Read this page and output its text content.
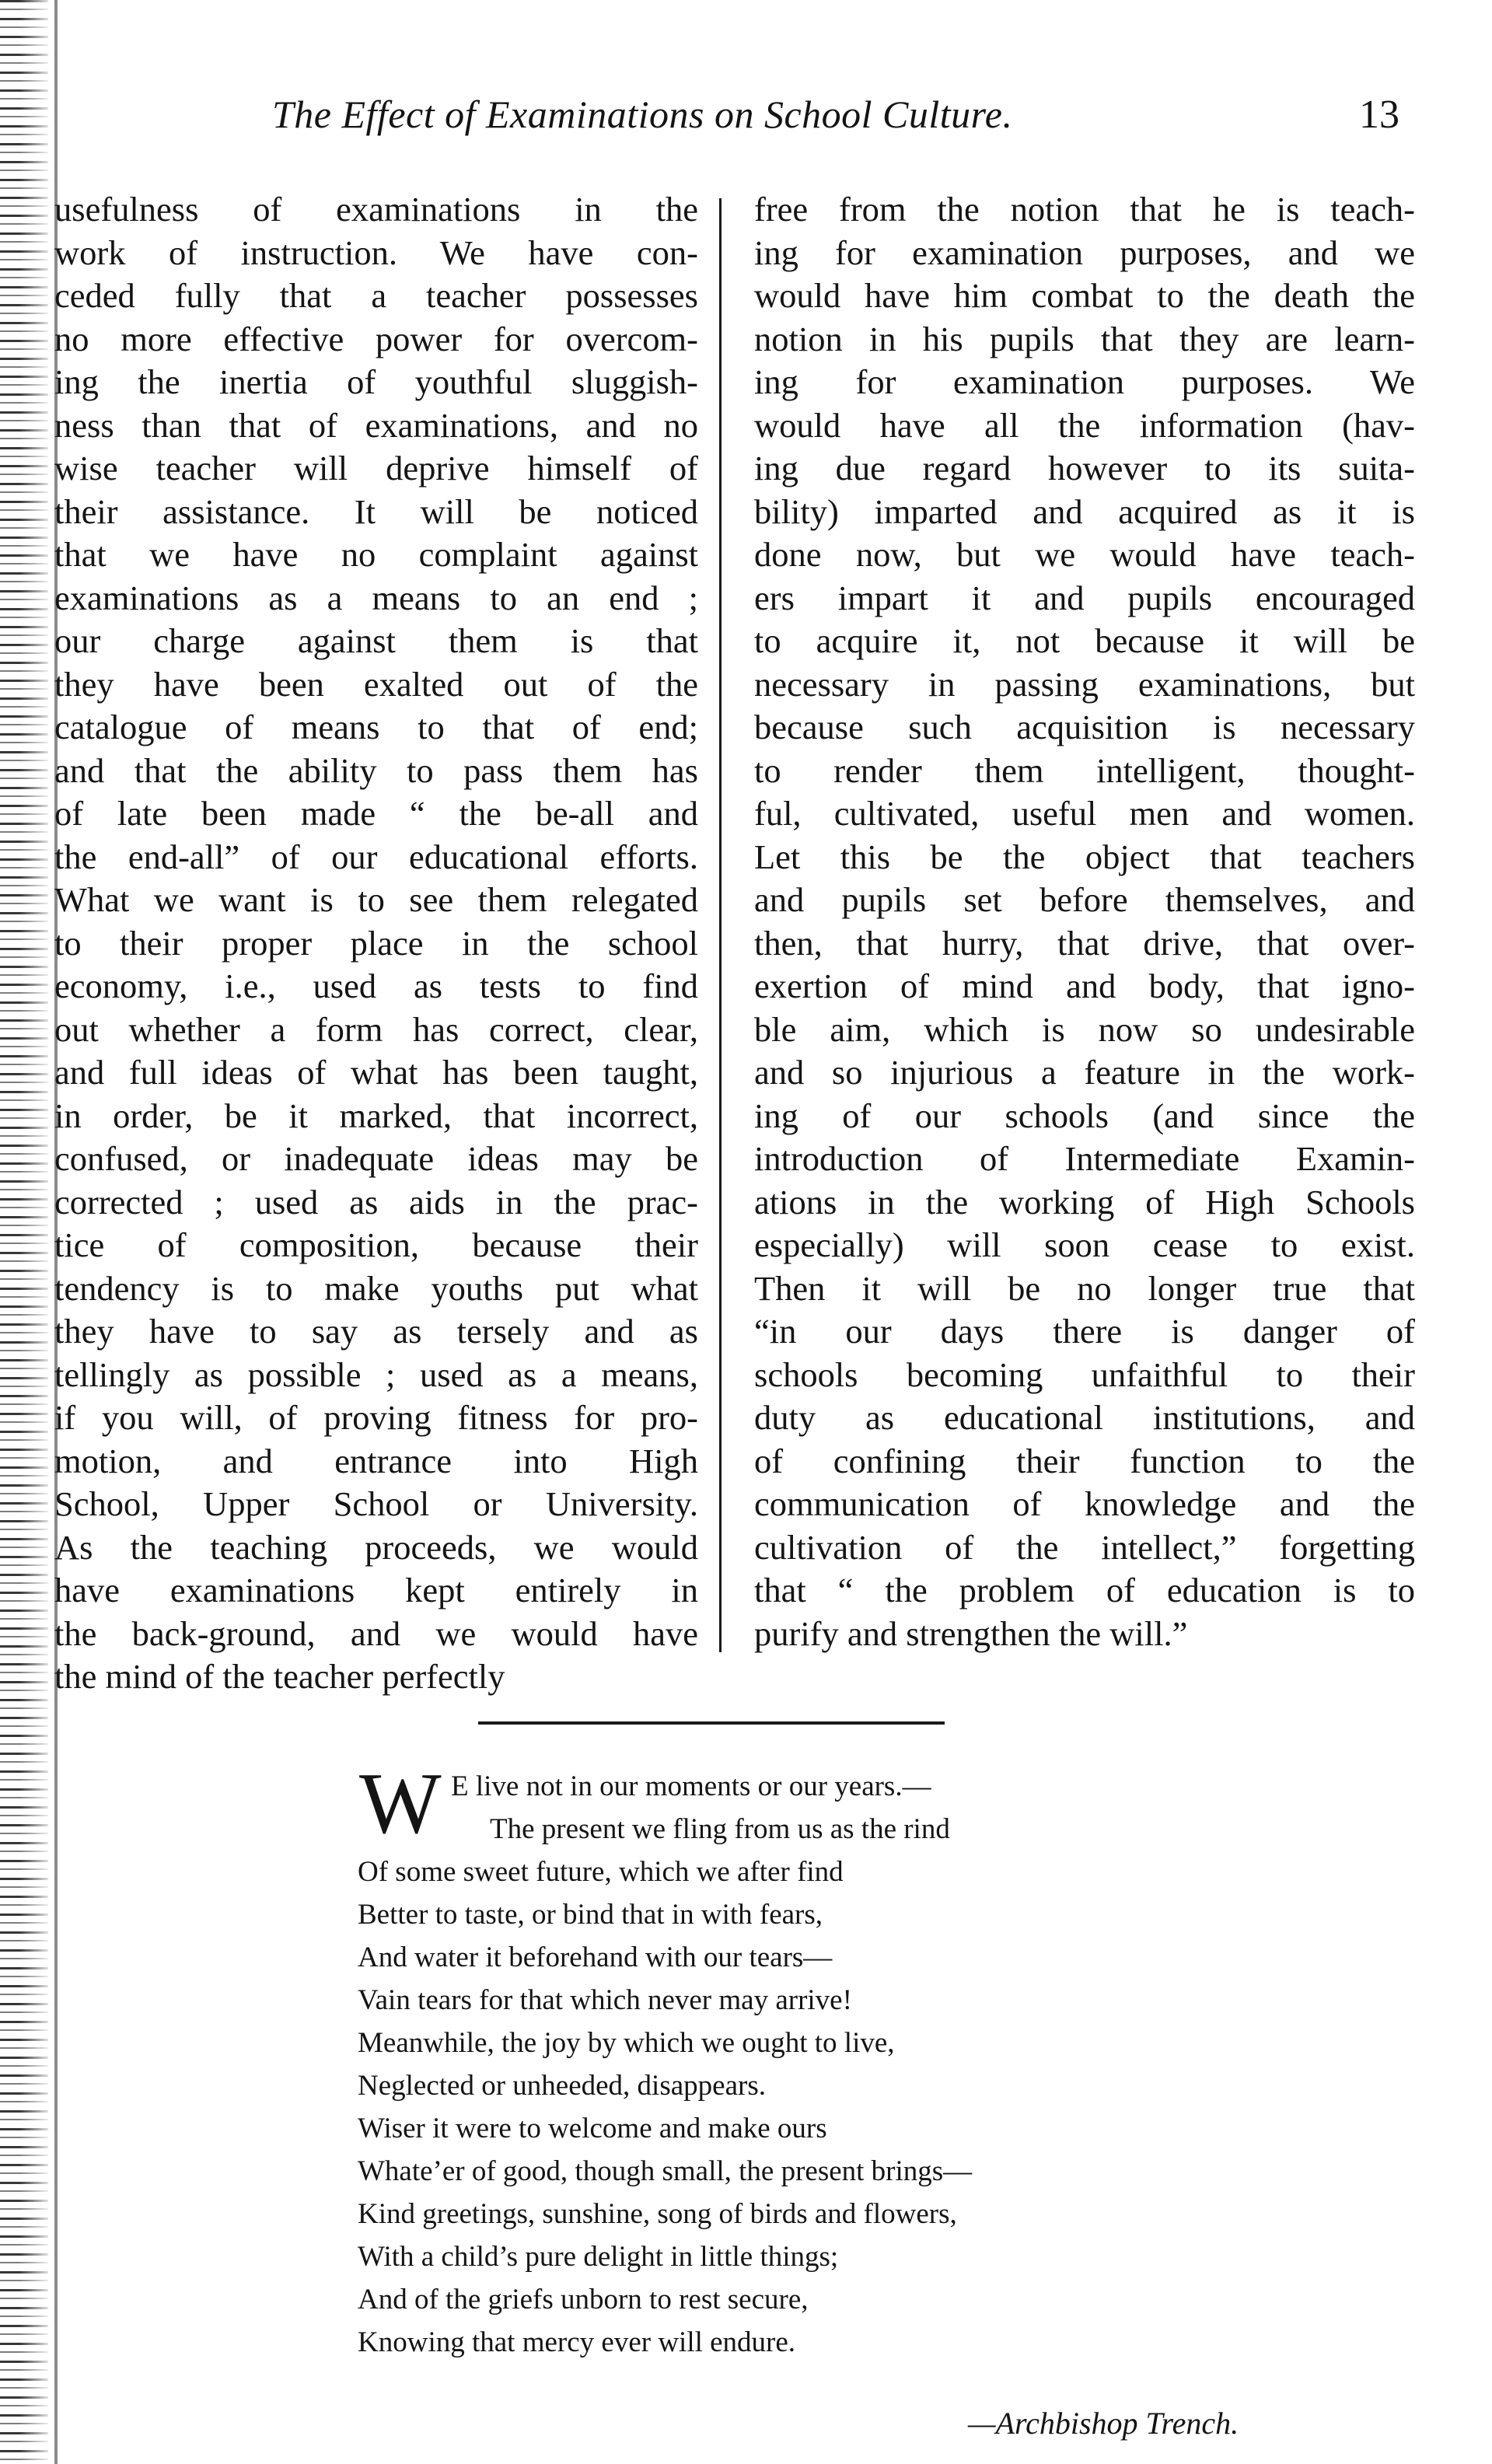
The Effect of Examinations on School Culture.	13
usefulness of examinations in the
work of instruction. We have con-
ceded fully that a teacher possesses
no more effective power for overcom-
ing the inertia of youthful sluggish-
ness than that of examinations, and no
wise teacher will deprive himself of
their assistance. It will be noticed
that we have no complaint against
examinations as a means to an end ;
our charge against them is that
they have been exalted out of the
catalogue of means to that of end;
and that the ability to pass them has
of late been made “ the be-all and
the end-all” of our educational efforts.
What we want is to see them relegated
to their proper place in the school
economy, i.e., used as tests to find
out whether a form has correct, clear,
and full ideas of what has been taught,
in order, be it marked, that incorrect,
confused, or inadequate ideas may be
corrected ; used as aids in the prac-
tice of composition, because their
tendency is to make youths put what
they have to say as tersely and as
tellingly as possible ; used as a means,
if you will, of proving fitness for pro-
motion, and entrance into High
School, Upper School or University.
As the teaching proceeds, we would
have examinations kept entirely in
the back-ground, and we would have
the mind of the teacher perfectly
free from the notion that he is teach-
ing for examination purposes, and we
would have him combat to the death the
notion in his pupils that they are learn-
ing for examination purposes. We
would have all the information (hav-
ing due regard however to its suita-
bility) imparted and acquired as it is
done now, but we would have teach-
ers impart it and pupils encouraged
to acquire it, not because it will be
necessary in passing examinations, but
because such acquisition is necessary
to render them intelligent, thought-
ful, cultivated, useful men and women.
Let this be the object that teachers
and pupils set before themselves, and
then, that hurry, that drive, that over-
exertion of mind and body, that igno-
ble aim, which is now so undesirable
and so injurious a feature in the work-
ing of our schools (and since the
introduction of Intermediate Examin-
ations in the working of High Schools
especially) will soon cease to exist.
Then it will be no longer true that
“in our days there is danger of
schools becoming unfaithful to their
duty as educational institutions, and
of confining their function to the
communication of knowledge and the
cultivation of the intellect,” forgetting
that “ the problem of education is to
purify and strengthen the will.”
W E live not in our moments or our years.—
The present we fling from us as the rind
Of some sweet future, which we after find
Better to taste, or bind that in with fears,
And water it beforehand with our tears—
Vain tears for that which never may arrive!
Meanwhile, the joy by which we ought to live,
Neglected or unheeded, disappears.
Wiser it were to welcome and make ours
Whate’er of good, though small, the present brings—
Kind greetings, sunshine, song of birds and flowers,
With a child’s pure delight in little things;
And of the griefs unborn to rest secure,
Knowing that mercy ever will endure.
—Archbishop Trench.
